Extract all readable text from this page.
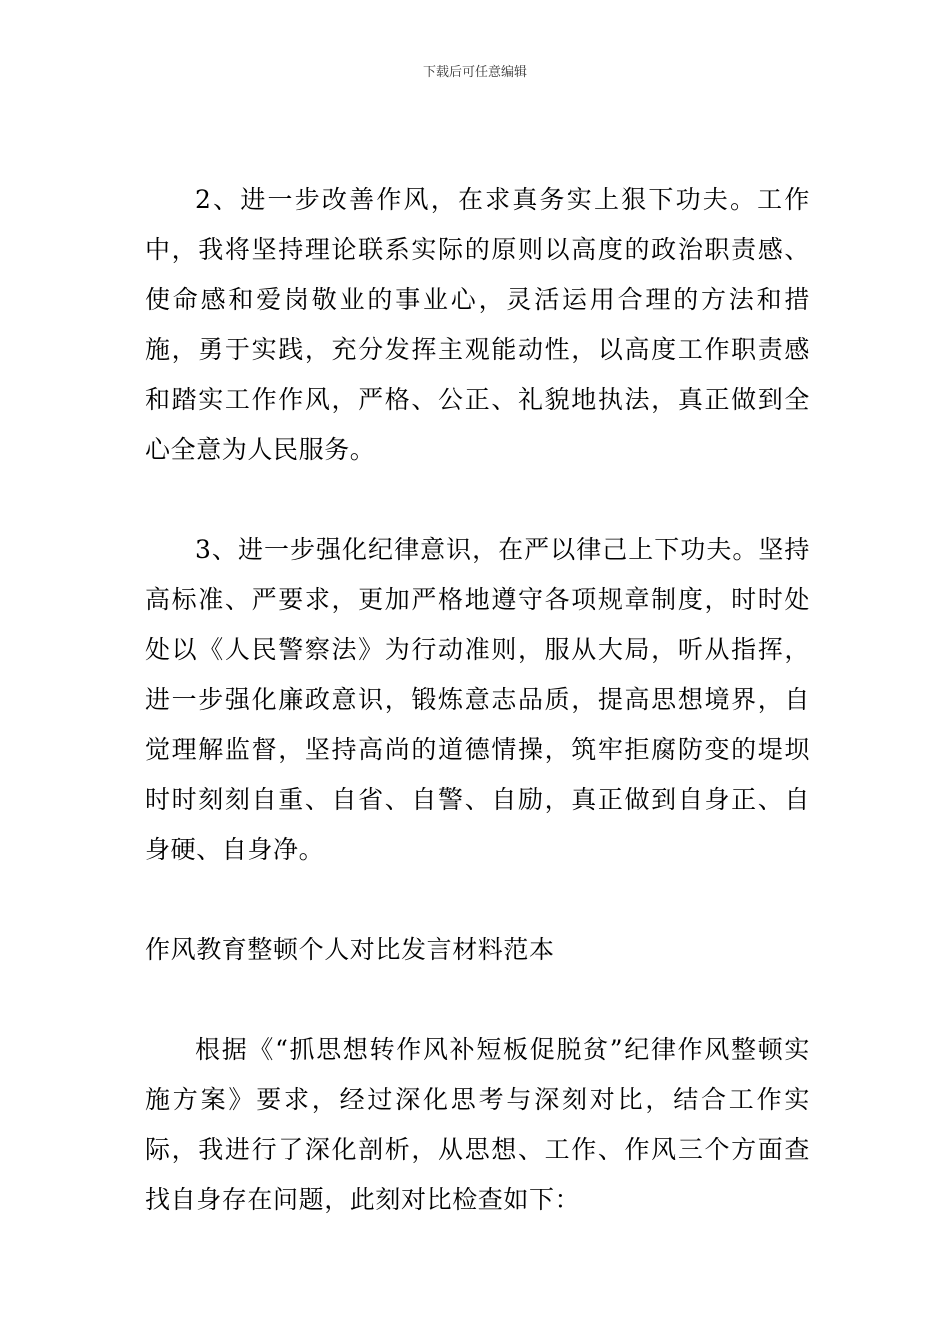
下载后可任意编辑

2、进一步改善作风，在求真务实上狠下功夫。工作中，我将坚持理论联系实际的原则以高度的政治职责感、使命感和爱岗敬业的事业心，灵活运用合理的方法和措施，勇于实践，充分发挥主观能动性，以高度工作职责感和踏实工作作风，严格、公正、礼貌地执法，真正做到全心全意为人民服务。

3、进一步强化纪律意识，在严以律己上下功夫。坚持高标准、严要求，更加严格地遵守各项规章制度，时时处处以《人民警察法》为行动准则，服从大局，听从指挥，进一步强化廉政意识，锻炼意志品质，提高思想境界，自觉理解监督，坚持高尚的道德情操，筑牢拒腐防变的堤坝时时刻刻自重、自省、自警、自励，真正做到自身正、自身硬、自身净。

作风教育整顿个人对比发言材料范本

根据《“抓思想转作风补短板促脱贫”纪律作风整顿实施方案》要求，经过深化思考与深刻对比，结合工作实际，我进行了深化剖析，从思想、工作、作风三个方面查找自身存在问题，此刻对比检查如下：
